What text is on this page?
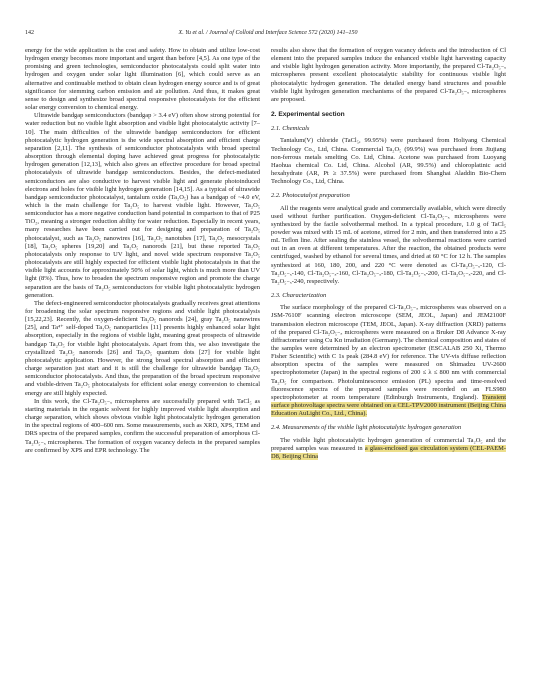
142	X. Yu et al. / Journal of Colloid and Interface Science 572 (2020) 141–150

energy for the wide application is the cost and safety. How to obtain and utilize low-cost hydrogen energy becomes more important and urgent than before [4,5]. As one type of the promising and green technologies, semiconductor photocatalysts could split water into hydrogen and oxygen under solar light illumination [6], which could serve as an alternative and continuable method to obtain clean hydrogen energy source and is of great significance for stemming carbon emission and air pollution. And thus, it makes great sense to design and synthesize broad spectral responsive photocatalysts for the efficient solar energy conversion to chemical energy.

Ultrawide bandgap semiconductors (bandgap > 3.4 eV) often show strong potential for water reduction but no visible light absorption and visible light photocatalytic activity [7–10]. The main difficulties of the ultrawide bandgap semiconductors for efficient photocatalytic hydrogen generation is the wide spectral absorption and efficient charge separation [2,11]. The synthesis of semiconductor photocatalysts with broad spectral absorption through elemental doping have achieved great progress for photocatalytic hydrogen generation [12,13], which also gives an effective procedure for broad spectral photocatalysis of ultrawide bandgap semiconductors. Besides, the defect-mediated semiconductors are also conductive to harvest visible light and generate photoinduced electrons and holes for visible light hydrogen generation [14,15]. As a typical of ultrawide bandgap semiconductor photocatalyst, tantalum oxide (Ta₂O₅) has a bandgap of ~4.0 eV, which is the main challenge for Ta₂O₅ to harvest visible light. However, Ta₂O₅ semiconductor has a more negative conduction band potential in comparison to that of P25 TiO₂, meaning a stronger reduction ability for water reduction. Especially in recent years, many researches have been carried out for designing and preparation of Ta₂O₅ photocatalyst, such as Ta₂O₅ nanowires [16], Ta₂O₅ nanotubes [17], Ta₂O₅ mesocrystals [18], Ta₂O₅ spheres [19,20] and Ta₂O₅ nanorods [21], but these reported Ta₂O₅ photocatalysts only response to UV light, and novel wide spectrum responsive Ta₂O₅ photocatalysts are still highly expected for efficient visible light photocatalysis in that the visible light accounts for approximately 50% of solar light, which is much more than UV light (8%). Thus, how to broaden the spectrum responsive region and promote the charge separation are the basis of Ta₂O₅ semiconductors for visible light photocatalytic hydrogen generation.

The defect-engineered semiconductor photocatalysts gradually receives great attentions for broadening the solar spectrum responsive regions and visible light photocatalysis [15,22,23]. Recently, the oxygen-deficient Ta₂O₅ nanorods [24], gray Ta₂O₅ nanowires [25], and Ta⁴⁺ self-doped Ta₂O₅ nanoparticles [11] presents highly enhanced solar light absorption, especially in the regions of visible light, meaning great prospects of ultrawide bandgap Ta₂O₅ for visible light photocatalysis. Apart from this, we also investigate the crystallized Ta₂O₅ nanorods [26] and Ta₂O₅ quantum dots [27] for visible light photocatalytic application. However, the strong broad spectral absorption and efficient charge separation just start and it is still the challenge for ultrawide bandgap Ta₂O₅ semiconductor photocatalysts. And thus, the preparation of the broad spectrum responsive and visible-driven Ta₂O₅ photocatalysts for efficient solar energy conversion to chemical energy are still highly expected.

In this work, the Cl-Ta₂O₅₋ₓ microspheres are successfully prepared with TaCl₅ as starting materials in the organic solvent for highly improved visible light absorption and charge separation, which shows obvious visible light photocatalytic hydrogen generation in the spectral regions of 400–600 nm. Some measurements, such as XRD, XPS, TEM and DRS spectra of the prepared samples, confirm the successful preparation of amorphous Cl-Ta₂O₅₋ₓ microspheres. The formation of oxygen vacancy defects in the prepared samples are confirmed by XPS and EPR technology. The

results also show that the formation of oxygen vacancy defects and the introduction of Cl element into the prepared samples induce the enhanced visible light harvesting capacity and visible light hydrogen generation activity. More importantly, the prepared Cl-Ta₂O₅₋ₓ microspheres present excellent photocatalytic stability for continuous visible light photocatalytic hydrogen generation. The detailed energy band structures and possible visible light hydrogen generation mechanisms of the prepared Cl-Ta₂O₅₋ₓ microspheres are proposed.

2. Experimental section
2.1. Chemicals

Tantalum(V) chloride (TaCl₅, 99.95%) were purchased from Holiyang Chemical Technology Co., Ltd, China. Commercial Ta₂O₅ (99.9%) was purchased from Jiujiang non-ferrous metals smelting Co. Ltd, China. Acetone was purchased from Luoyang Haohua chemical Co. Ltd, China. Alcohol (AR, 99.5%) and chloroplatinic acid hexahydrate (AR, Pt ≥ 37.5%) were purchased from Shanghai Aladdin Bio-Chem Technology Co., Ltd, China.

2.2. Photocatalyst preparation

All the reagents were analytical grade and commercially available, which were directly used without further purification. Oxygen-deficient Cl-Ta₂O₅₋ₓ microspheres were synthesized by the facile solvothermal method. In a typical procedure, 1.0 g of TaCl₅ powder was mixed with 15 mL of acetone, stirred for 2 min, and then transferred into a 25 mL Teflon line. After sealing the stainless vessel, the solvothermal reactions were carried out in an oven at different temperatures. After the reaction, the obtained products were centrifuged, washed by ethanol for several times, and dried at 60 °C for 12 h. The samples synthesized at 160, 180, 200, and 220 °C were denoted as Cl-Ta₂O₅₋ₓ-120, Cl-Ta₂O₅₋ₓ-140, Cl-Ta₂O₅₋ₓ-160, Cl-Ta₂O₅₋ₓ-180, Cl-Ta₂O₅₋ₓ-200, Cl-Ta₂O₅₋ₓ-220, and Cl-Ta₂O₅₋ₓ-240, respectively.

2.3. Characterization

The surface morphology of the prepared Cl-Ta₂O₅₋ₓ microspheres was observed on a JSM-7610F scanning electron microscope (SEM, JEOL, Japan) and JEM2100F transmission electron microscope (TEM, JEOL, Japan). X-ray diffraction (XRD) patterns of the prepared Cl-Ta₂O₅₋ₓ microspheres were measured on a Bruker D8 Advance X-ray diffractometer using Cu Kα irradiation (Germany). The chemical composition and states of the samples were determined by an electron spectrometer (ESCALAB 250 Xi, Thermo Fisher Scientific) with C 1s peak (284.8 eV) for reference. The UV-vis diffuse reflection absorption spectra of the samples were measured on Shimadzu UV-2600 spectrophotometer (Japan) in the spectral regions of 200 ≤ λ ≤ 800 nm with commercial Ta₂O₅ for comparison. Photoluminescence emission (PL) spectra and time-resolved fluorescence spectra of the prepared samples were recorded on an FLS980 spectrophotometer at room temperature (Edinburgh Instruments, England). Transient surface photovoltage spectra were obtained on a CEL-TPV2000 instrument (Beijing China Education AuLight Co., Ltd., China).

2.4. Measurements of the visible light photocatalytic hydrogen generation

The visible light photocatalytic hydrogen generation of commercial Ta₂O₅ and the prepared samples was measured in a glass-enclosed gas circulation system (CEL-PAEM-D8, Beijing China
